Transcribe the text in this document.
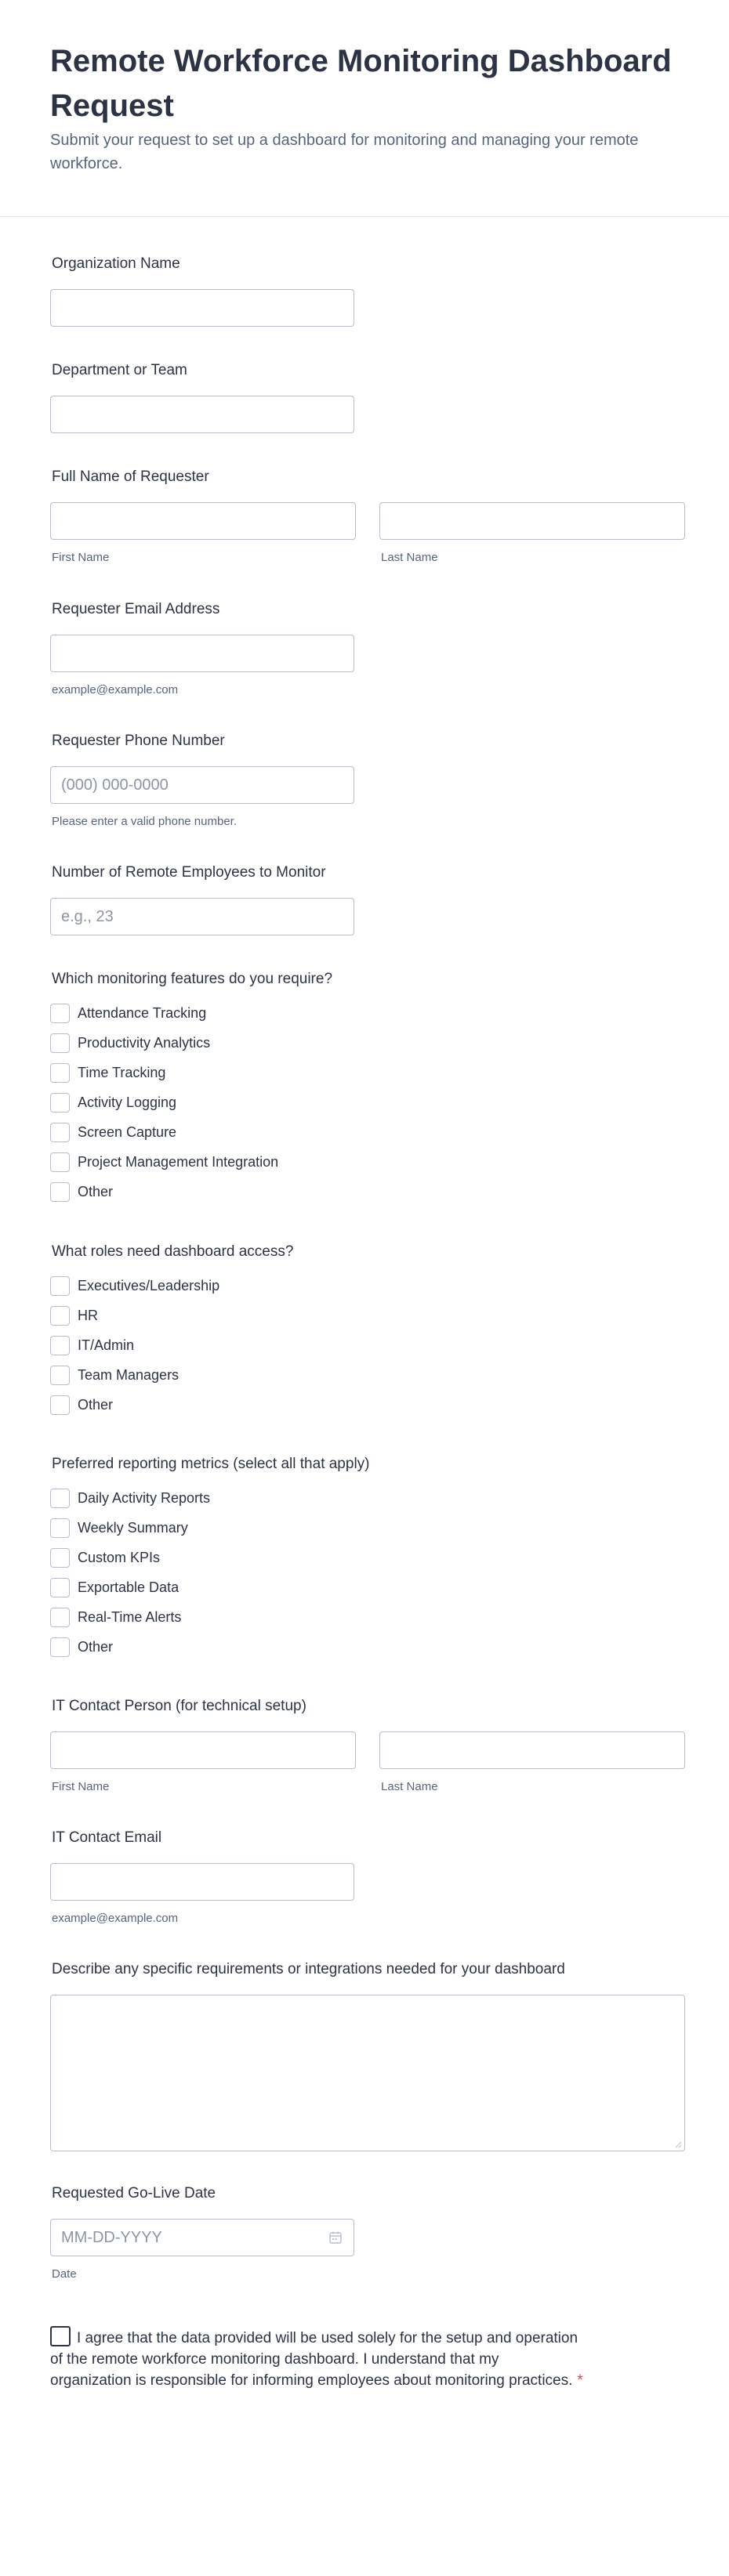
Remote Workforce Monitoring Dashboard Request
Submit your request to set up a dashboard for monitoring and managing your remote workforce.
Organization Name
Department or Team
Full Name of Requester
First Name	Last Name
Requester Email Address
example@example.com
Requester Phone Number
(000) 000-0000
Please enter a valid phone number.
Number of Remote Employees to Monitor
e.g., 23
Which monitoring features do you require?
Attendance Tracking
Productivity Analytics
Time Tracking
Activity Logging
Screen Capture
Project Management Integration
Other
What roles need dashboard access?
Executives/Leadership
HR
IT/Admin
Team Managers
Other
Preferred reporting metrics (select all that apply)
Daily Activity Reports
Weekly Summary
Custom KPIs
Exportable Data
Real-Time Alerts
Other
IT Contact Person (for technical setup)
First Name	Last Name
IT Contact Email
example@example.com
Describe any specific requirements or integrations needed for your dashboard
Requested Go-Live Date
MM-DD-YYYY
Date
I agree that the data provided will be used solely for the setup and operation of the remote workforce monitoring dashboard. I understand that my organization is responsible for informing employees about monitoring practices. *
